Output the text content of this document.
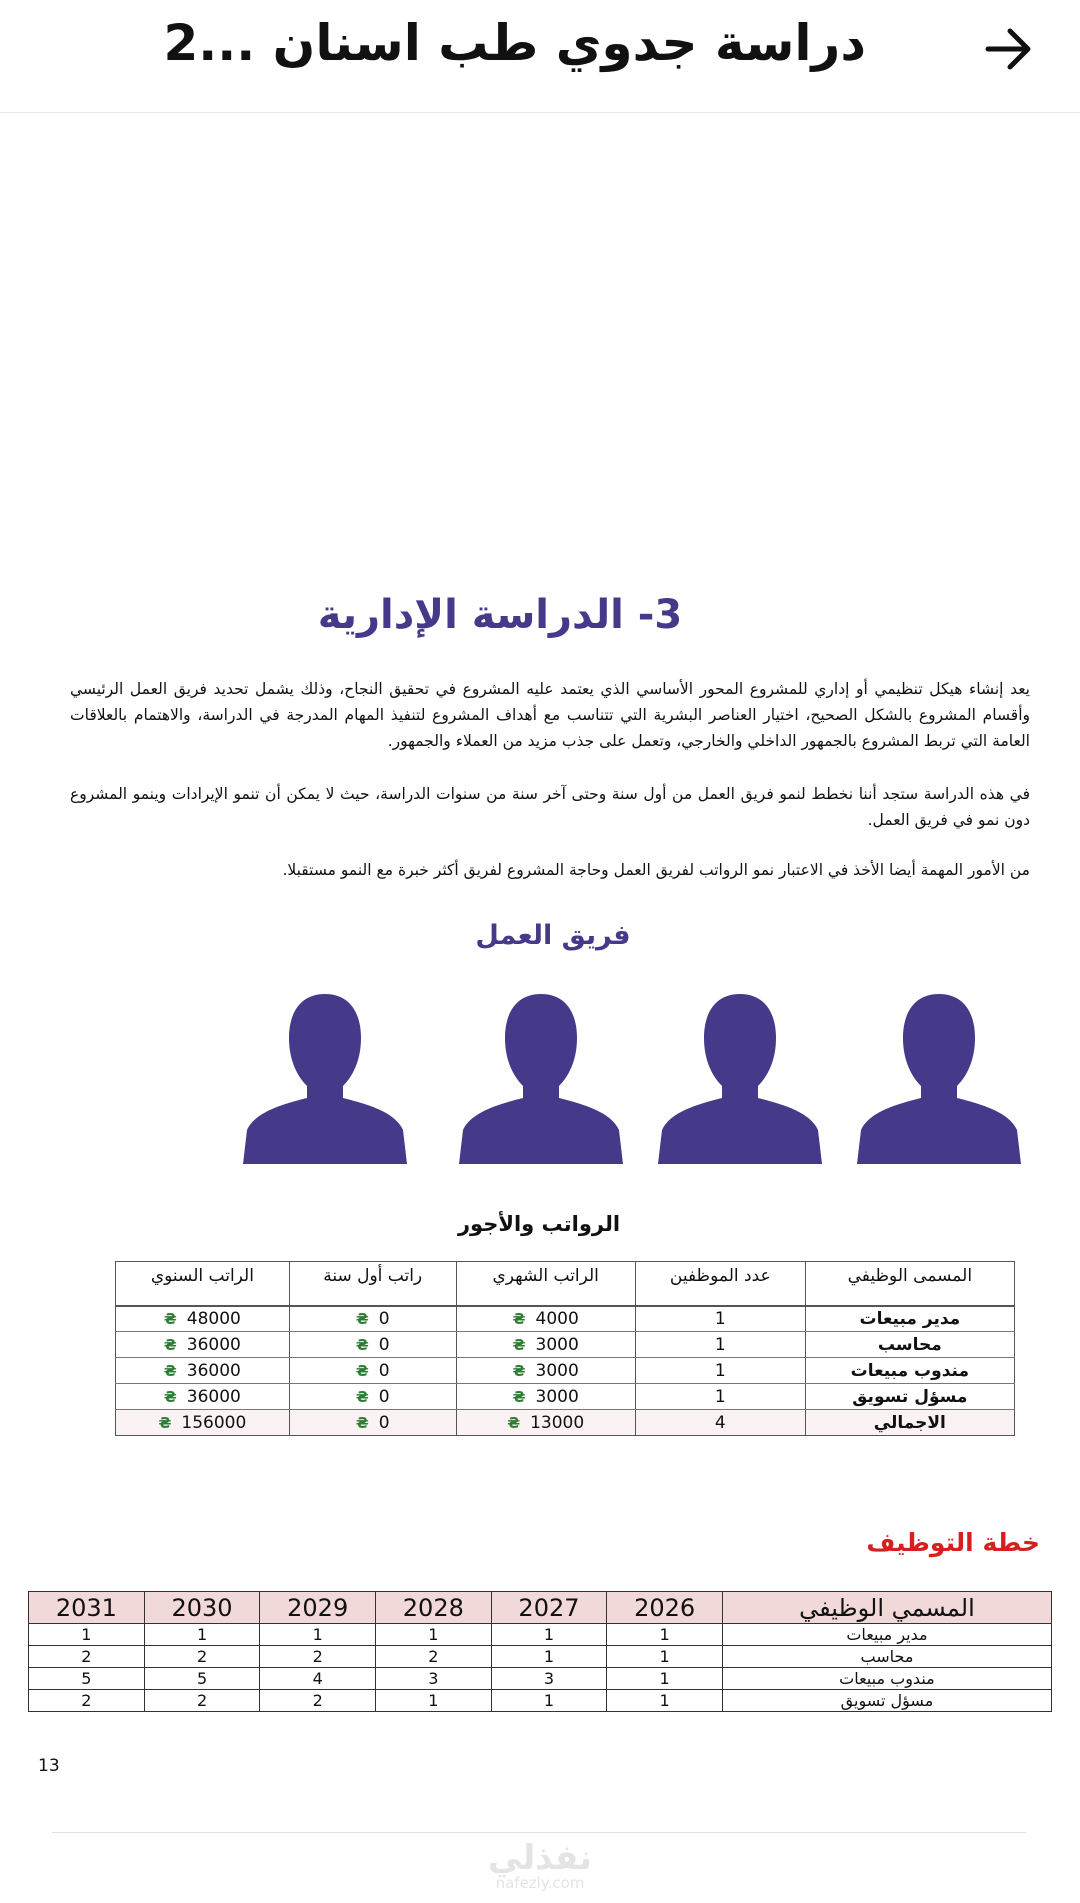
دراسة جدوي طب اسنان ...2
3- الدراسة الإدارية

يعد إنشاء هيكل تنظيمي أو إداري للمشروع المحور الأساسي الذي يعتمد عليه المشروع في تحقيق النجاح، وذلك يشمل تحديد فريق العمل الرئيسي وأقسام المشروع بالشكل الصحيح، اختيار العناصر البشرية التي تتناسب مع أهداف المشروع لتنفيذ المهام المدرجة في الدراسة، والاهتمام بالعلاقات العامة التي تربط المشروع بالجمهور الداخلي والخارجي، وتعمل على جذب مزيد من العملاء والجمهور.

في هذه الدراسة ستجد أننا نخطط لنمو فريق العمل من أول سنة وحتى آخر سنة من سنوات الدراسة، حيث لا يمكن أن تنمو الإيرادات وينمو المشروع دون نمو في فريق العمل.

من الأمور المهمة أيضا الأخذ في الاعتبار نمو الرواتب لفريق العمل وحاجة المشروع لفريق أكثر خبرة مع النمو مستقبلا.

فريق العمل
الرواتب والأجور
المسمى الوظيفي	عدد الموظفين	الراتب الشهري	راتب أول سنة	الراتب السنوي
مدير مبيعات	1	₴ 4000	₴ 0	₴ 48000

محاسب	1	₴ 3000	₴ 0	₴ 36000

مندوب مبيعات	1	₴ 3000	₴ 0	₴ 36000

مسؤل تسويق	1	₴ 3000	₴ 0	₴ 36000

الاجمالي	4	₴ 13000	₴ 0	₴ 156000
خطة التوظيف
المسمي الوظيفي	2026	2027	2028	2029	2030	2031
مدير مبيعات	1	1	1	1	1	1
محاسب	1	1	2	2	2	2
مندوب مبيعات	1	3	3	4	5	5
مسؤل تسويق	1	1	1	2	2	2
13
نفذلي
nafezly.com
